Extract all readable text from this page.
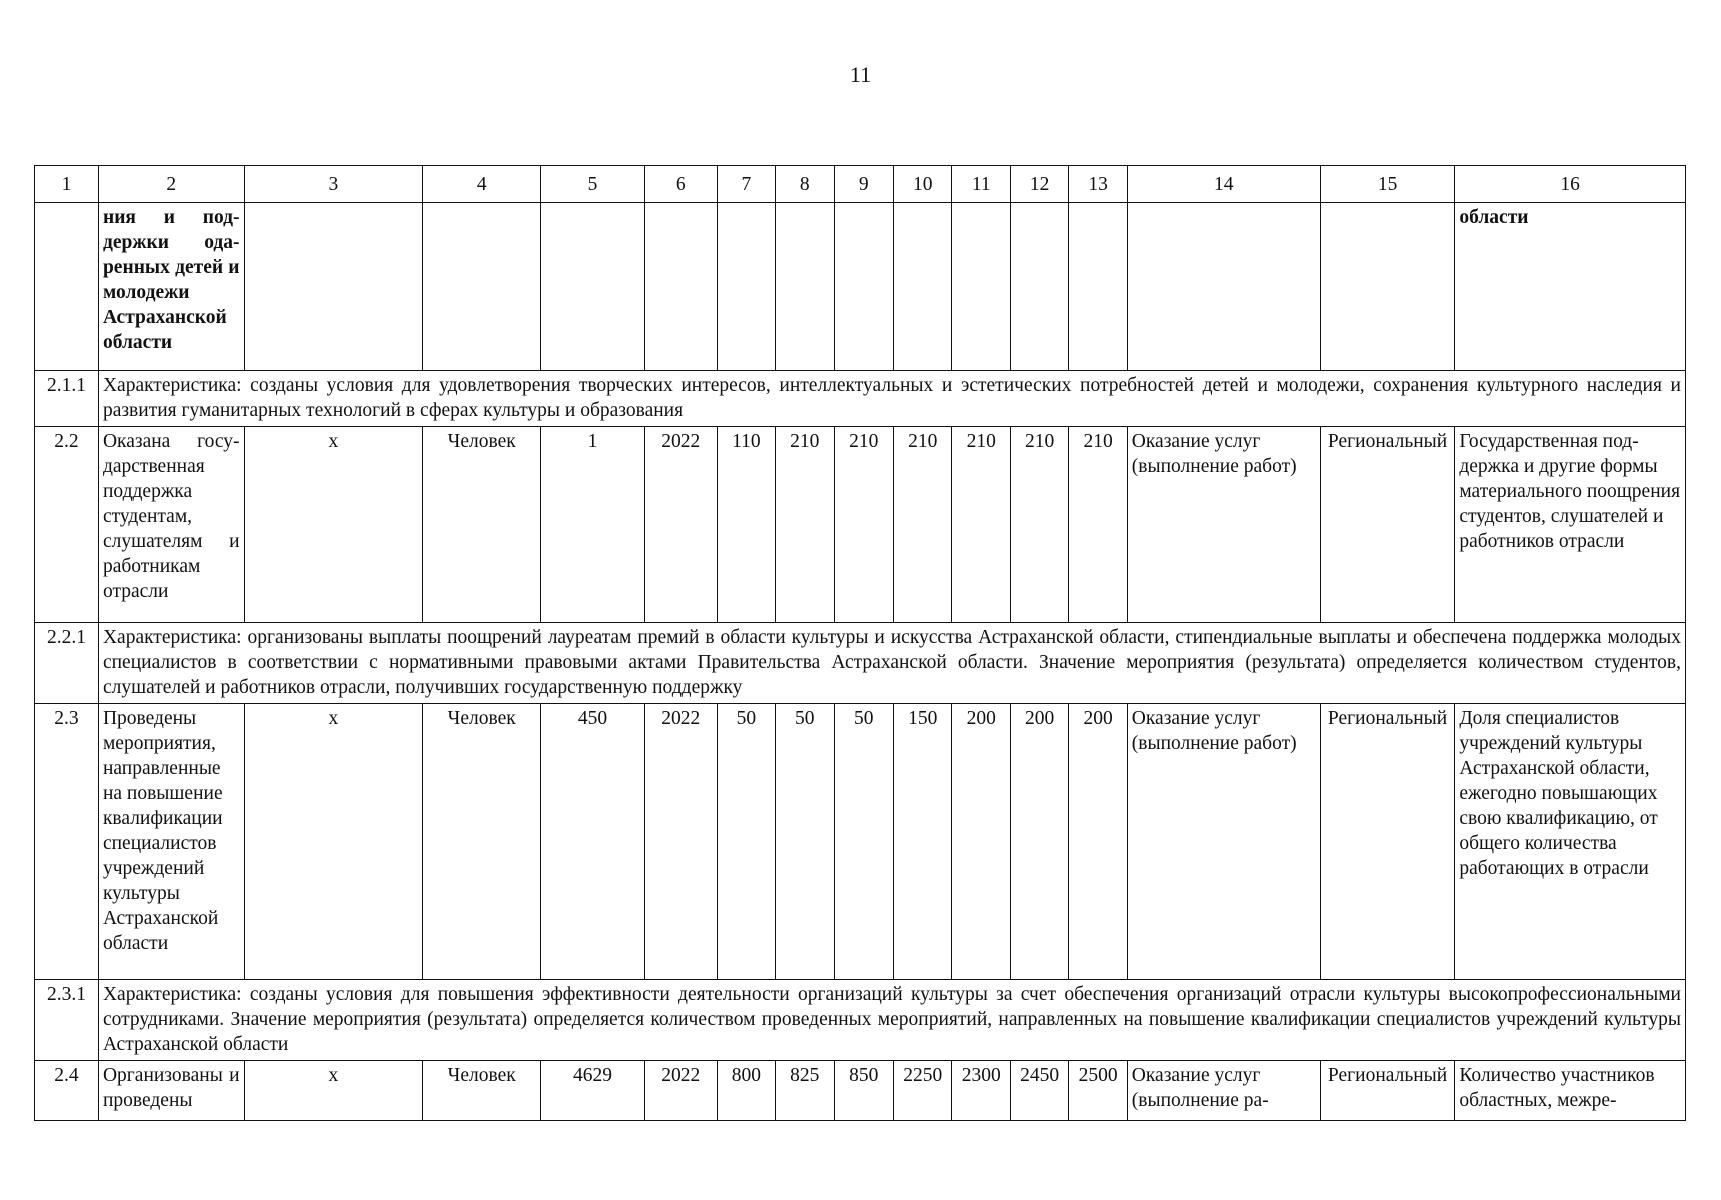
11
1	2	3	4	5	6	7	8	9	10	11	12	13	14	15	16
	ния и поддержки одаренных детей и молодежи Астраханской области														области
2.1.1	Характеристика: созданы условия для удовлетворения творческих интересов, интеллектуальных и эстетических потребностей детей и молодежи, сохранения культурного наследия и развития гуманитарных технологий в сферах культуры и образования														
2.2	Оказана государственная поддержка студентам, слушателям и работникам отрасли	х	Человек	1	2022	110	210	210	210	210	210	210	Оказание услуг (выполнение работ)	Региональный	Государственная поддержка и другие формы материального поощрения студентов, слушателей и работников отрасли
2.2.1	Характеристика: организованы выплаты поощрений лауреатам премий в области культуры и искусства Астраханской области, стипендиальные выплаты и обеспечена поддержка молодых специалистов в соответствии с нормативными правовыми актами Правительства Астраханской области. Значение мероприятия (результата) определяется количеством студентов, слушателей и работников отрасли, получивших государственную поддержку														
2.3	Проведены мероприятия, направленные на повышение квалификации специалистов учреждений культуры Астраханской области	х	Человек	450	2022	50	50	50	150	200	200	200	Оказание услуг (выполнение работ)	Региональный	Доля специалистов учреждений культуры Астраханской области, ежегодно повышающих свою квалификацию, от общего количества работающих в отрасли
2.3.1	Характеристика: созданы условия для повышения эффективности деятельности организаций культуры за счет обеспечения организаций отрасли культуры высокопрофессиональными сотрудниками. Значение мероприятия (результата) определяется количеством проведенных мероприятий, направленных на повышение квалификации специалистов учреждений культуры Астраханской области														
2.4	Организованы и проведены	х	Человек	4629	2022	800	825	850	2250	2300	2450	2500	Оказание услуг (выполнение ра-	Региональный	Количество участников областных, межре-
